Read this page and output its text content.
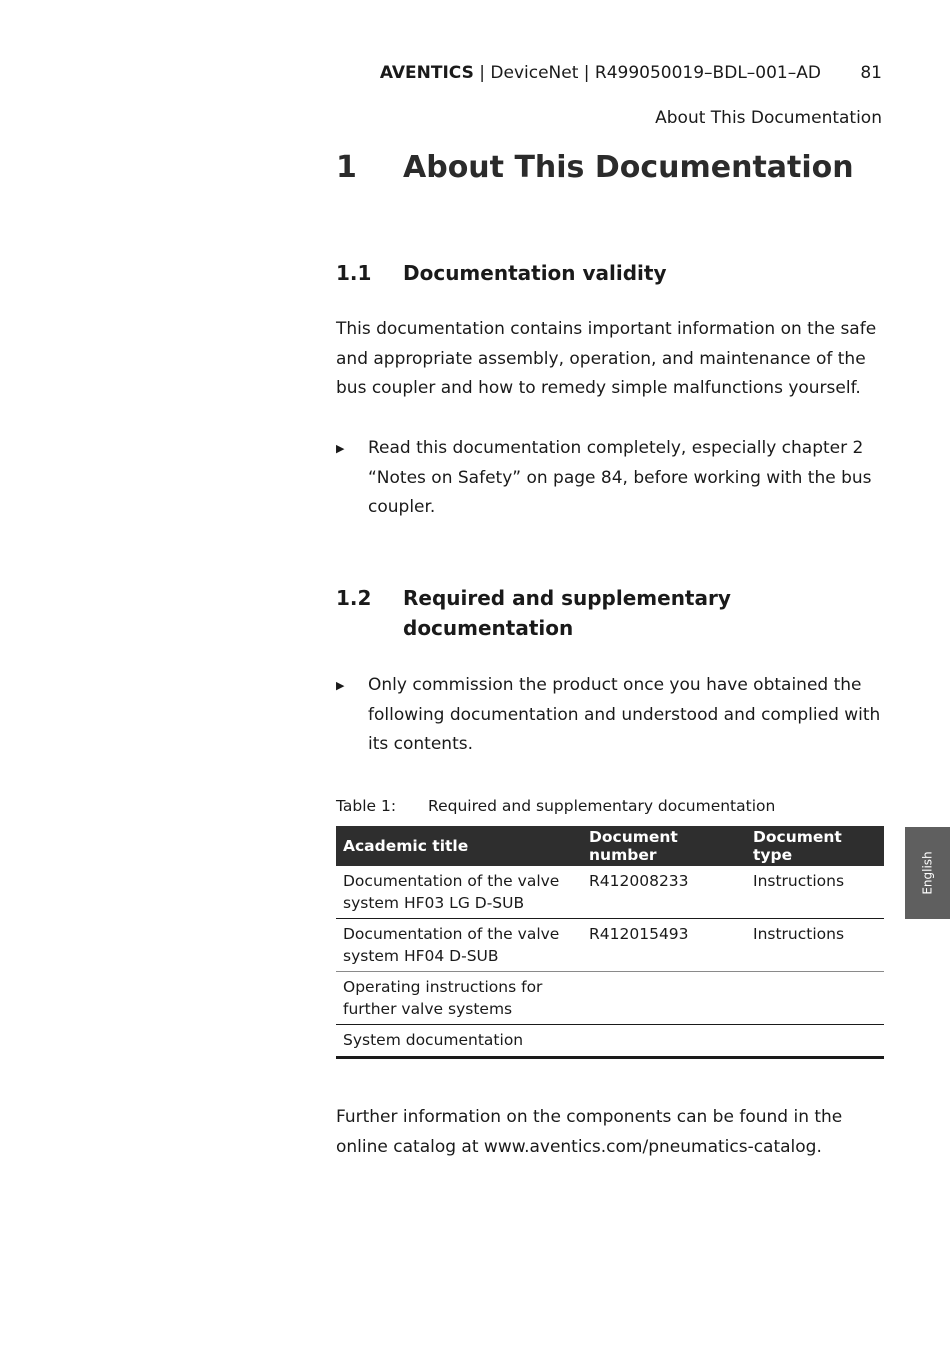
AVENTICS | DeviceNet | R499050019–BDL–001–AD 81
About This Documentation
1 About This Documentation
1.1 Documentation validity
This documentation contains important information on the safe and appropriate assembly, operation, and maintenance of the bus coupler and how to remedy simple malfunctions yourself.
▶ Read this documentation completely, especially chapter 2 “Notes on Safety” on page 84, before working with the bus coupler.
1.2 Required and supplementary documentation
▶ Only commission the product once you have obtained the following documentation and understood and complied with its contents.
Table 1: Required and supplementary documentation
Academic title	Document number	Document type
Documentation of the valve system HF03 LG D-SUB	R412008233	Instructions
Documentation of the valve system HF04 D-SUB	R412015493	Instructions
Operating instructions for further valve systems		
System documentation		
Further information on the components can be found in the online catalog at www.aventics.com/pneumatics-catalog.
English
